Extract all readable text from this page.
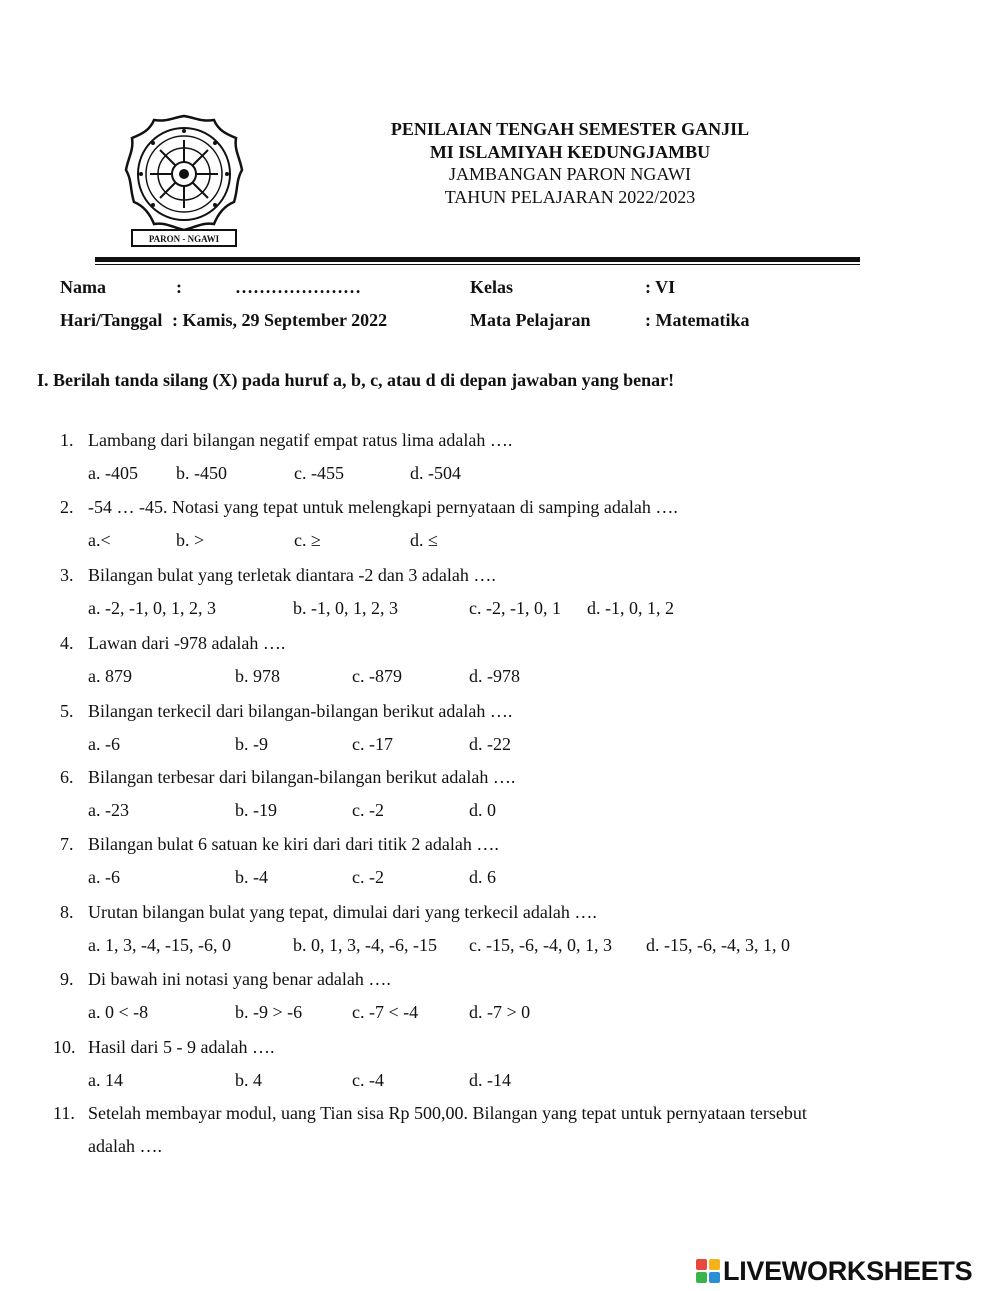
PARON - NGAWI
PENILAIAN TENGAH SEMESTER GANJIL
MI ISLAMIYAH KEDUNGJAMBU
JAMBANGAN PARON NGAWI
TAHUN PELAJARAN 2022/2023
Nama	:	…………………	Kelas	: VI
Hari/Tanggal : Kamis, 29 September 2022	Mata Pelajaran	: Matematika
I. Berilah tanda silang (X) pada huruf a, b, c, atau d di depan jawaban yang benar!
1. Lambang dari bilangan negatif empat ratus lima adalah ….
a. -405 b. -450	c. -455	d. -504
2. -54 … -45. Notasi yang tepat untuk melengkapi pernyataan di samping adalah ….
a.<	b. >	c. ≥	d. ≤
3. Bilangan bulat yang terletak diantara -2 dan 3 adalah ….
a. -2, -1, 0, 1, 2, 3	b. -1, 0, 1, 2, 3	c. -2, -1, 0, 1 d. -1, 0, 1, 2
4. Lawan dari -978 adalah ….
a. 879	b. 978	c. -879	d. -978
5. Bilangan terkecil dari bilangan-bilangan berikut adalah ….
a. -6	b. -9	c. -17	d. -22
6. Bilangan terbesar dari bilangan-bilangan berikut adalah ….
a. -23	b. -19	c. -2	d. 0
7. Bilangan bulat 6 satuan ke kiri dari dari titik 2 adalah ….
a. -6	b. -4	c. -2	d. 6
8. Urutan bilangan bulat yang tepat, dimulai dari yang terkecil adalah ….
a. 1, 3, -4, -15, -6, 0	b. 0, 1, 3, -4, -6, -15 c. -15, -6, -4, 0, 1, 3 d. -15, -6, -4, 3, 1, 0
9. Di bawah ini notasi yang benar adalah ….
a. 0 < -8	b. -9 > -6	c. -7 < -4	d. -7 > 0
10. Hasil dari 5 - 9 adalah ….
a. 14	b. 4	c. -4	d. -14
11. Setelah membayar modul, uang Tian sisa Rp 500,00. Bilangan yang tepat untuk pernyataan tersebut
adalah ….
LIVEWORKSHEETS
